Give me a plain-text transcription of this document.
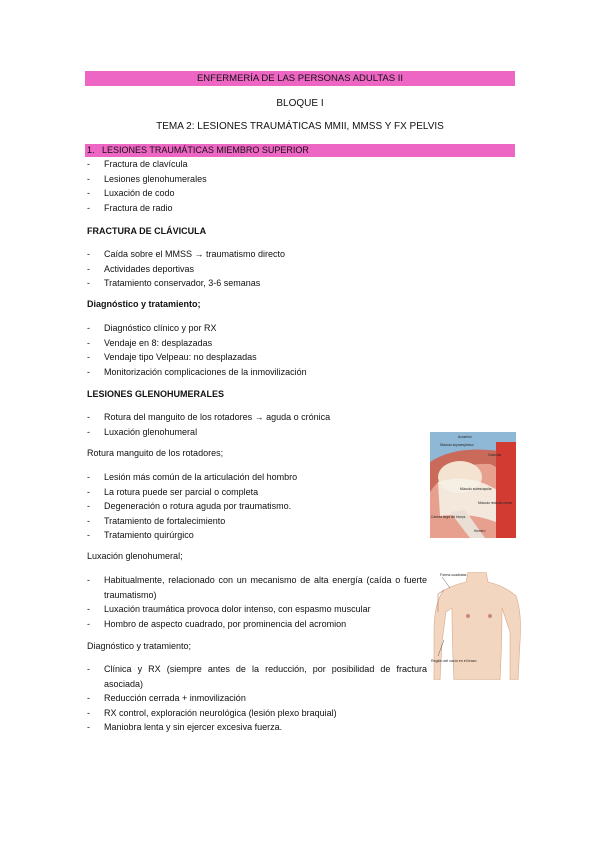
ENFERMERÍA DE LAS PERSONAS ADULTAS II
BLOQUE I
TEMA 2: LESIONES TRAUMÁTICAS MMII, MMSS Y FX PELVIS
1. LESIONES TRAUMÁTICAS MIEMBRO SUPERIOR
- Fractura de clavícula
- Lesiones glenohumerales
- Luxación de codo
- Fractura de radio
FRACTURA DE CLÁVICULA
- Caída sobre el MMSS → traumatismo directo
- Actividades deportivas
- Tratamiento conservador, 3-6 semanas
Diagnóstico y tratamiento;
- Diagnóstico clínico y por RX
- Vendaje en 8: desplazadas
- Vendaje tipo Velpeau: no desplazadas
- Monitorización complicaciones de la inmovilización
LESIONES GLENOHUMERALES
- Rotura del manguito de los rotadores → aguda o crónica
- Luxación glenohumeral
Rotura manguito de los rotadores;
- Lesión más común de la articulación del hombro
- La rotura puede ser parcial o completa
- Degeneración o rotura aguda por traumatismo.
- Tratamiento de fortalecimiento
- Tratamiento quirúrgico
Luxación glenohumeral;
- Habitualmente, relacionado con un mecanismo de alta energía (caída o fuerte traumatismo)
- Luxación traumática provoca dolor intenso, con espasmo muscular
- Hombro de aspecto cuadrado, por prominencia del acromion
Diagnóstico y tratamiento;
- Clínica y RX (siempre antes de la reducción, por posibilidad de fractura asociada)
- Reducción cerrada + inmovilización
- RX control, exploración neurológica (lesión plexo braquial)
- Maniobra lenta y sin ejercer excesiva fuerza.
Acromion
Clavícula
Músculo supraespinoso
Músculo subescapular
Músculo redondo menor
Cabeza larga del bíceps
Húmero
Forma cuadrada
Región del vacío en el brazo
